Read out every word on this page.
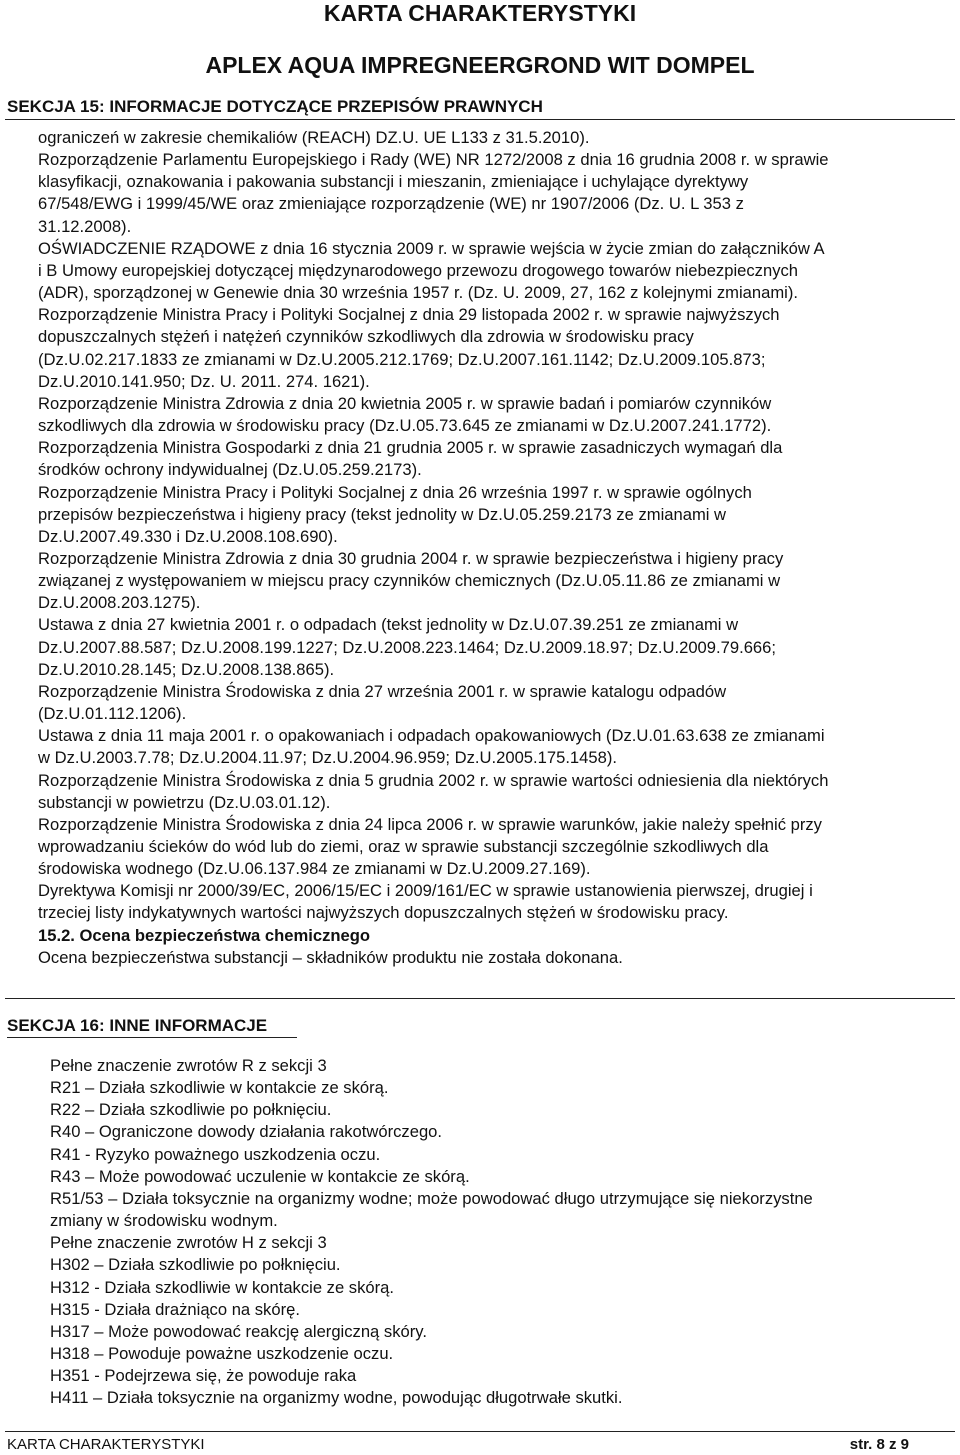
KARTA CHARAKTERYSTYKI
APLEX AQUA IMPREGNEERGROND WIT DOMPEL
SEKCJA 15: INFORMACJE DOTYCZĄCE PRZEPISÓW PRAWNYCH
ograniczeń w zakresie chemikaliów (REACH) DZ.U. UE L133 z 31.5.2010).
Rozporządzenie Parlamentu Europejskiego i Rady (WE) NR 1272/2008 z dnia 16 grudnia 2008 r. w sprawie
klasyfikacji, oznakowania i pakowania substancji i mieszanin, zmieniające i uchylające dyrektywy
67/548/EWG i 1999/45/WE oraz zmieniające rozporządzenie (WE) nr 1907/2006 (Dz. U. L 353 z
31.12.2008).
OŚWIADCZENIE RZĄDOWE z dnia 16 stycznia 2009 r. w sprawie wejścia w życie zmian do załączników A
i B Umowy europejskiej dotyczącej międzynarodowego przewozu drogowego towarów niebezpiecznych
(ADR), sporządzonej w Genewie dnia 30 września 1957 r. (Dz. U. 2009, 27, 162 z kolejnymi zmianami).
Rozporządzenie Ministra Pracy i Polityki Socjalnej z dnia 29 listopada 2002 r. w sprawie najwyższych
dopuszczalnych stężeń i natężeń czynników szkodliwych dla zdrowia w środowisku pracy
(Dz.U.02.217.1833 ze zmianami w Dz.U.2005.212.1769; Dz.U.2007.161.1142; Dz.U.2009.105.873;
Dz.U.2010.141.950; Dz. U. 2011. 274. 1621).
Rozporządzenie Ministra Zdrowia z dnia 20 kwietnia 2005 r. w sprawie badań i pomiarów czynników
szkodliwych dla zdrowia w środowisku pracy (Dz.U.05.73.645 ze zmianami w Dz.U.2007.241.1772).
Rozporządzenia Ministra Gospodarki z dnia 21 grudnia 2005 r. w sprawie zasadniczych wymagań dla
środków ochrony indywidualnej (Dz.U.05.259.2173).
Rozporządzenie Ministra Pracy i Polityki Socjalnej z dnia 26 września 1997 r. w sprawie ogólnych
przepisów bezpieczeństwa i higieny pracy (tekst jednolity w Dz.U.05.259.2173 ze zmianami w
Dz.U.2007.49.330 i Dz.U.2008.108.690).
Rozporządzenie Ministra Zdrowia z dnia 30 grudnia 2004 r. w sprawie bezpieczeństwa i higieny pracy
związanej z występowaniem w miejscu pracy czynników chemicznych (Dz.U.05.11.86 ze zmianami w
Dz.U.2008.203.1275).
Ustawa z dnia 27 kwietnia 2001 r. o odpadach (tekst jednolity w Dz.U.07.39.251 ze zmianami w
Dz.U.2007.88.587; Dz.U.2008.199.1227; Dz.U.2008.223.1464; Dz.U.2009.18.97; Dz.U.2009.79.666;
Dz.U.2010.28.145; Dz.U.2008.138.865).
Rozporządzenie Ministra Środowiska z dnia 27 września 2001 r. w sprawie katalogu odpadów
(Dz.U.01.112.1206).
Ustawa z dnia 11 maja 2001 r. o opakowaniach i odpadach opakowaniowych (Dz.U.01.63.638 ze zmianami
w Dz.U.2003.7.78; Dz.U.2004.11.97; Dz.U.2004.96.959; Dz.U.2005.175.1458).
Rozporządzenie Ministra Środowiska z dnia 5 grudnia 2002 r. w sprawie wartości odniesienia dla niektórych
substancji w powietrzu (Dz.U.03.01.12).
Rozporządzenie Ministra Środowiska z dnia 24 lipca 2006 r. w sprawie warunków, jakie należy spełnić przy
wprowadzaniu ścieków do wód lub do ziemi, oraz w sprawie substancji szczególnie szkodliwych dla
środowiska wodnego (Dz.U.06.137.984 ze zmianami w Dz.U.2009.27.169).
Dyrektywa Komisji nr 2000/39/EC, 2006/15/EC i 2009/161/EC w sprawie ustanowienia pierwszej, drugiej i
trzeciej listy indykatywnych wartości najwyższych dopuszczalnych stężeń w środowisku pracy.
15.2. Ocena bezpieczeństwa chemicznego
Ocena bezpieczeństwa substancji – składników produktu nie została dokonana.
SEKCJA 16: INNE INFORMACJE
Pełne znaczenie zwrotów R z sekcji 3
R21 – Działa szkodliwie w kontakcie ze skórą.
R22 – Działa szkodliwie po połknięciu.
R40 – Ograniczone dowody działania rakotwórczego.
R41 - Ryzyko poważnego uszkodzenia oczu.
R43 – Może powodować uczulenie w kontakcie ze skórą.
R51/53 – Działa toksycznie na organizmy wodne; może powodować długo utrzymujące się niekorzystne
zmiany w środowisku wodnym.
Pełne znaczenie zwrotów H z sekcji 3
H302 – Działa szkodliwie po połknięciu.
H312 - Działa szkodliwie w kontakcie ze skórą.
H315 - Działa drażniąco na skórę.
H317 – Może powodować reakcję alergiczną skóry.
H318 – Powoduje poważne uszkodzenie oczu.
H351 - Podejrzewa się, że powoduje raka
H411 – Działa toksycznie na organizmy wodne, powodując długotrwałe skutki.
KARTA CHARAKTERYSTYKI	str. 8 z 9
